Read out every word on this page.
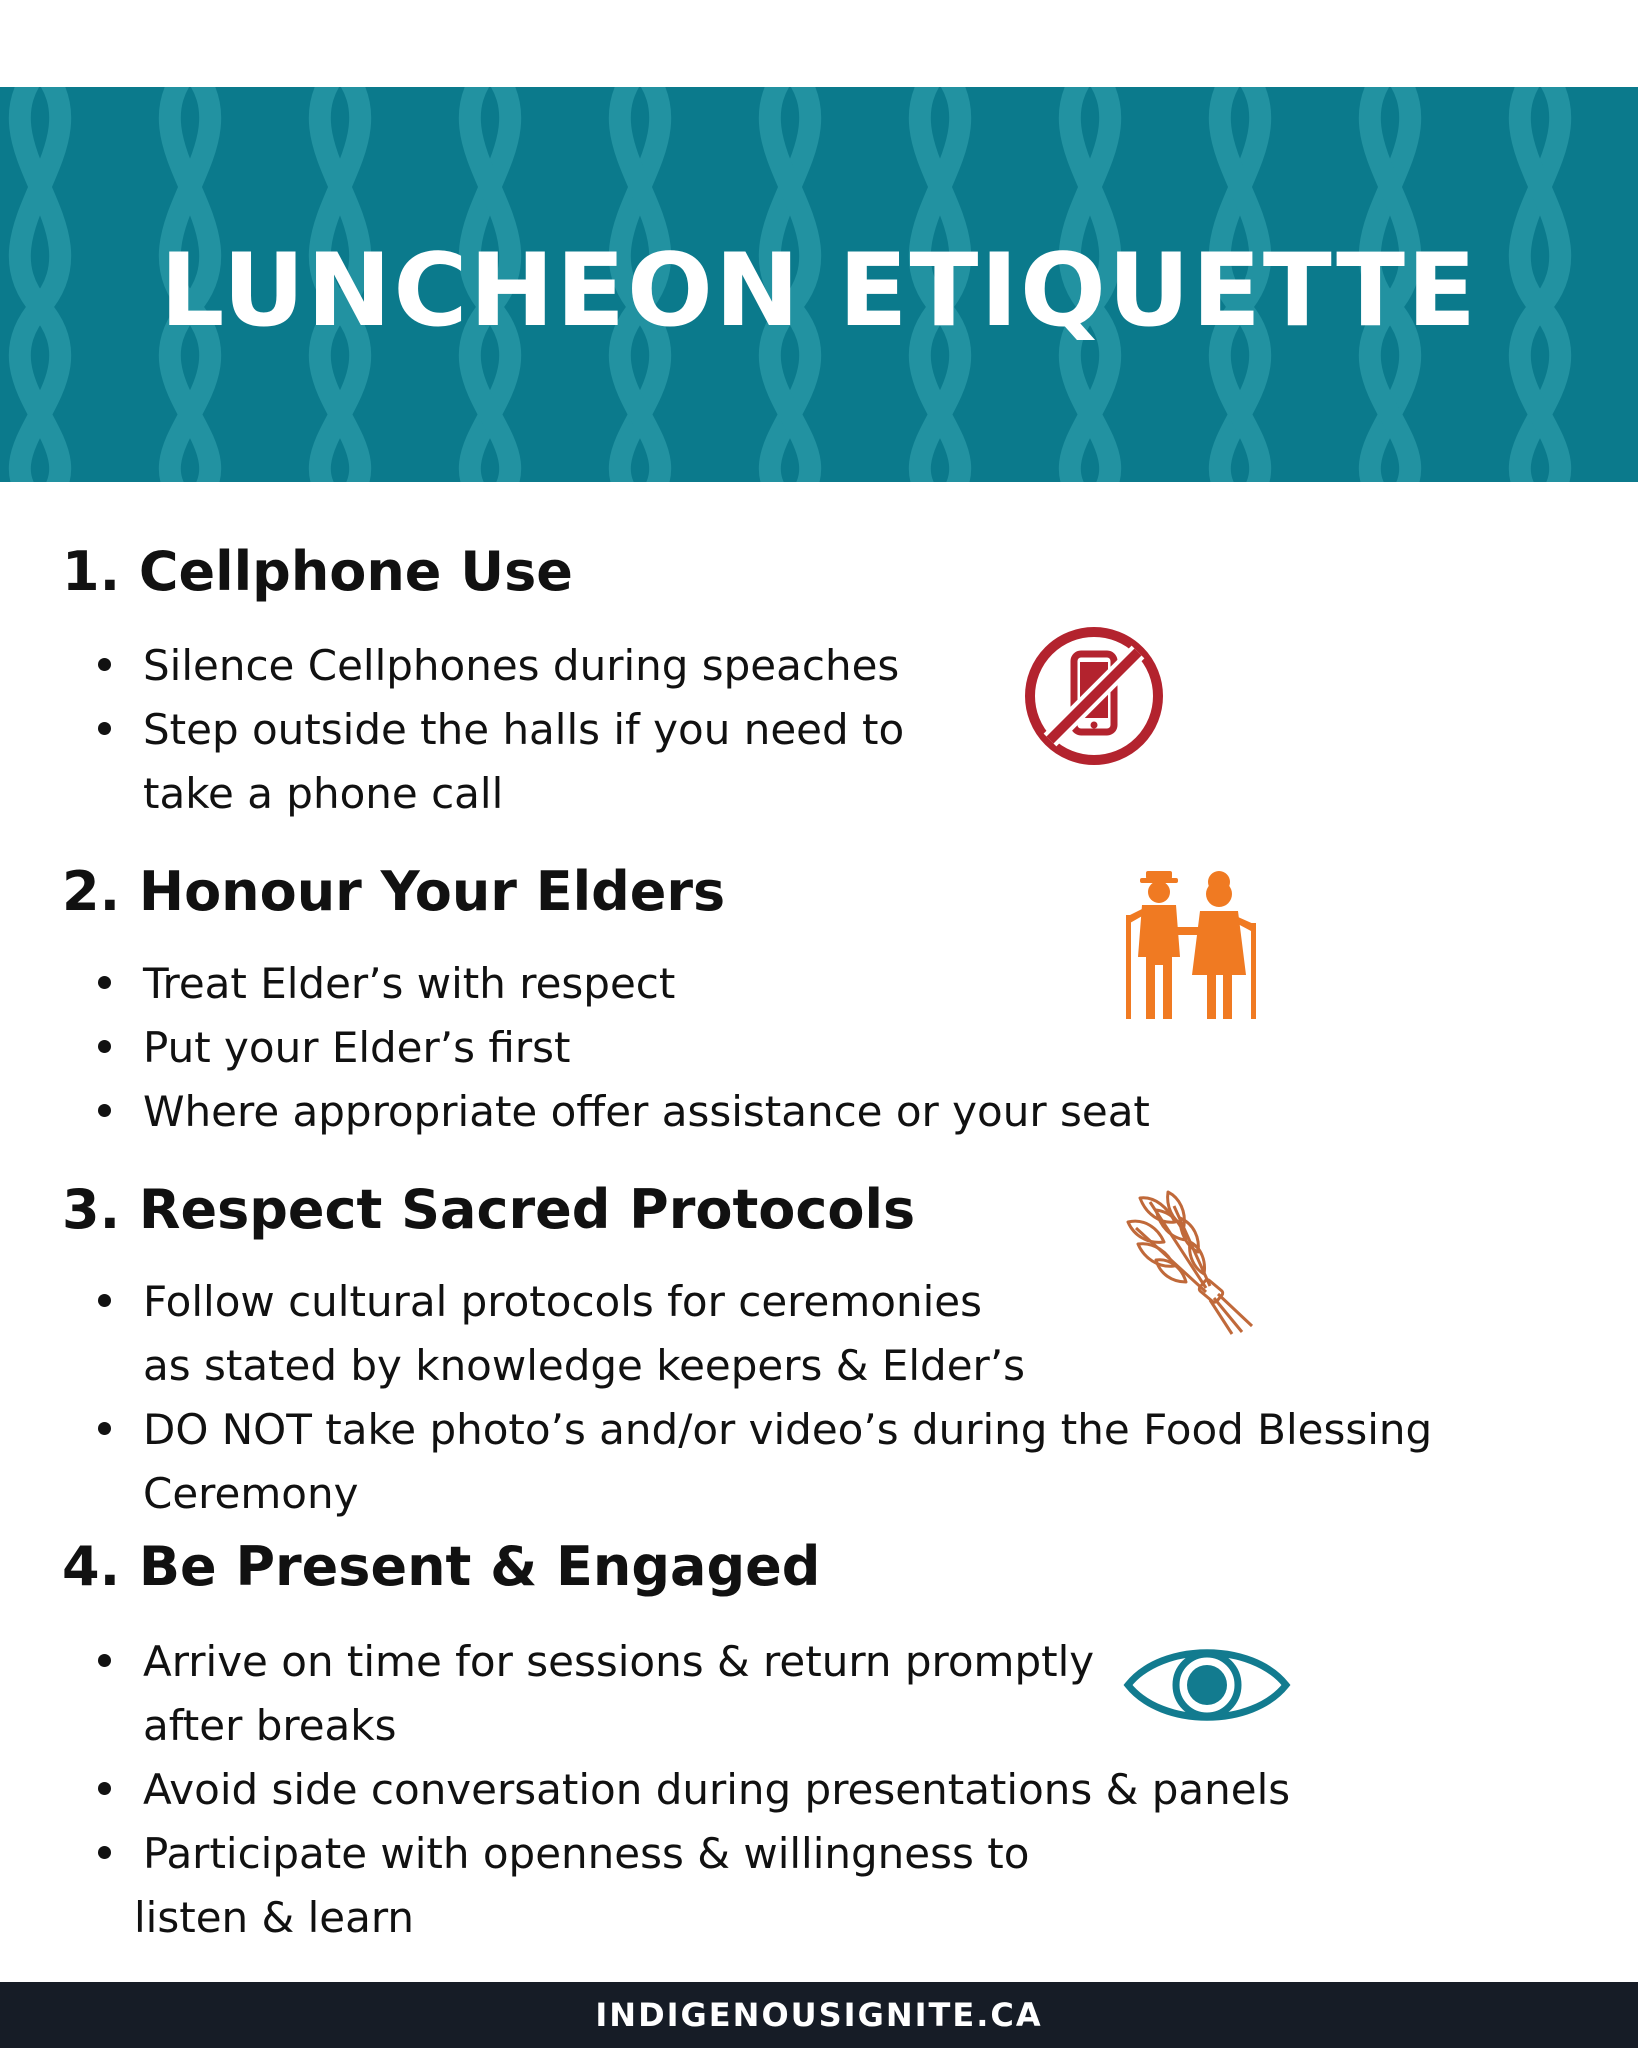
LUNCHEON ETIQUETTE
1. Cellphone Use
Silence Cellphones during speaches
Step outside the halls if you need to
take a phone call
2. Honour Your Elders
Treat Elder’s with respect
Put your Elder’s first
Where appropriate offer assistance or your seat
3. Respect Sacred Protocols
Follow cultural protocols for ceremonies
as stated by knowledge keepers & Elder’s
DO NOT take photo’s and/or video’s during the Food Blessing
Ceremony
4. Be Present & Engaged
Arrive on time for sessions & return promptly
after breaks
Avoid side conversation during presentations & panels
Participate with openness & willingness to
listen & learn
INDIGENOUSIGNITE.CA
